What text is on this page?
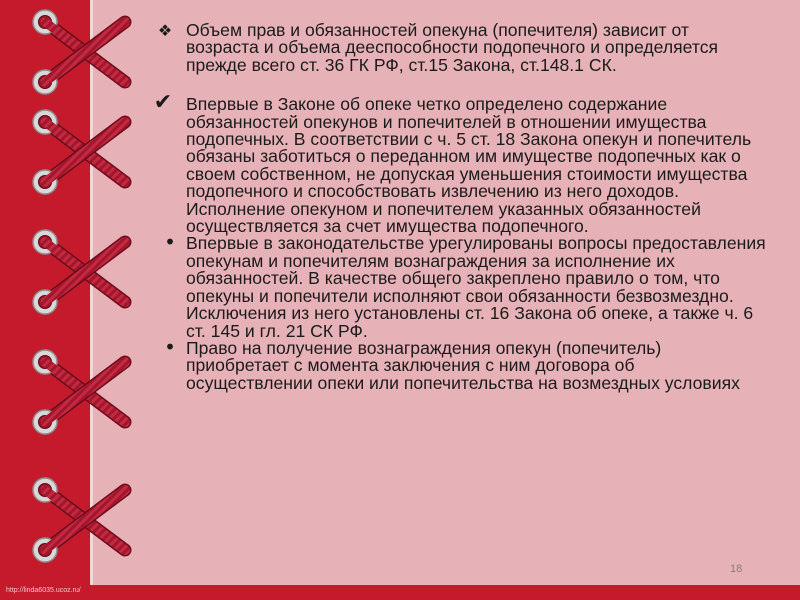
❖ Объем прав и обязанностей опекуна (попечителя) зависит от возраста и объема дееспособности подопечного и определяется прежде всего ст. 36 ГК РФ, ст.15 Закона, ст.148.1 СК.
✔ Впервые в Законе об опеке четко определено содержание обязанностей опекунов и попечителей в отношении имущества подопечных. В соответствии с ч. 5 ст. 18 Закона опекун и попечитель обязаны заботиться о переданном им имуществе подопечных как о своем собственном, не допуская уменьшения стоимости имущества подопечного и способствовать извлечению из него доходов. Исполнение опекуном и попечителем указанных обязанностей осуществляется за счет имущества подопечного.
• Впервые в законодательстве урегулированы вопросы предоставления опекунам и попечителям вознаграждения за исполнение их обязанностей. В качестве общего закреплено правило о том, что опекуны и попечители исполняют свои обязанности безвозмездно. Исключения из него установлены ст. 16 Закона об опеке, а также ч. 6 ст. 145 и гл. 21 СК РФ.
• Право на получение вознаграждения опекун (попечитель) приобретает с момента заключения с ним договора об осуществлении опеки или попечительства на возмездных условиях
18
http://linda6035.ucoz.ru/
